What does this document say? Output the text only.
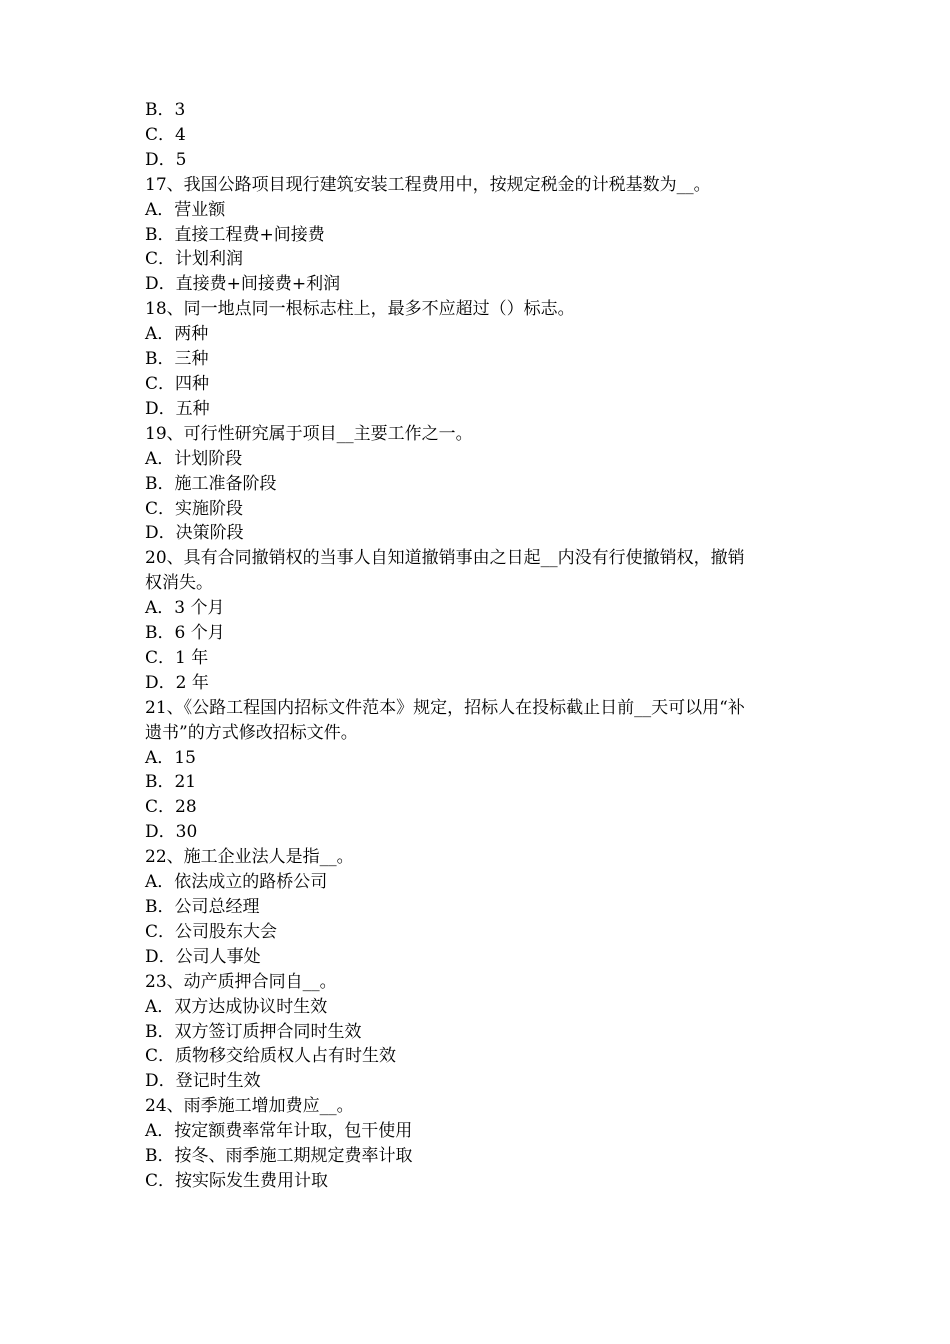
B．3

C．4

D．5

17、我国公路项目现行建筑安装工程费用中，按规定税金的计税基数为__。

A．营业额

B．直接工程费+间接费

C．计划利润

D．直接费+间接费+利润

18、同一地点同一根标志柱上，最多不应超过（）标志。

A．两种

B．三种

C．四种

D．五种

19、可行性研究属于项目__主要工作之一。

A．计划阶段

B．施工准备阶段

C．实施阶段

D．决策阶段

20、具有合同撤销权的当事人自知道撤销事由之日起__内没有行使撤销权，撤销

权消失。

A．3 个月

B．6 个月

C．1 年

D．2 年

21、《公路工程国内招标文件范本》规定，招标人在投标截止日前__天可以用“补

遗书”的方式修改招标文件。

A．15

B．21

C．28

D．30

22、施工企业法人是指__。

A．依法成立的路桥公司

B．公司总经理

C．公司股东大会

D．公司人事处

23、动产质押合同自__。

A．双方达成协议时生效

B．双方签订质押合同时生效

C．质物移交给质权人占有时生效

D．登记时生效

24、雨季施工增加费应__。

A．按定额费率常年计取，包干使用

B．按冬、雨季施工期规定费率计取

C．按实际发生费用计取
